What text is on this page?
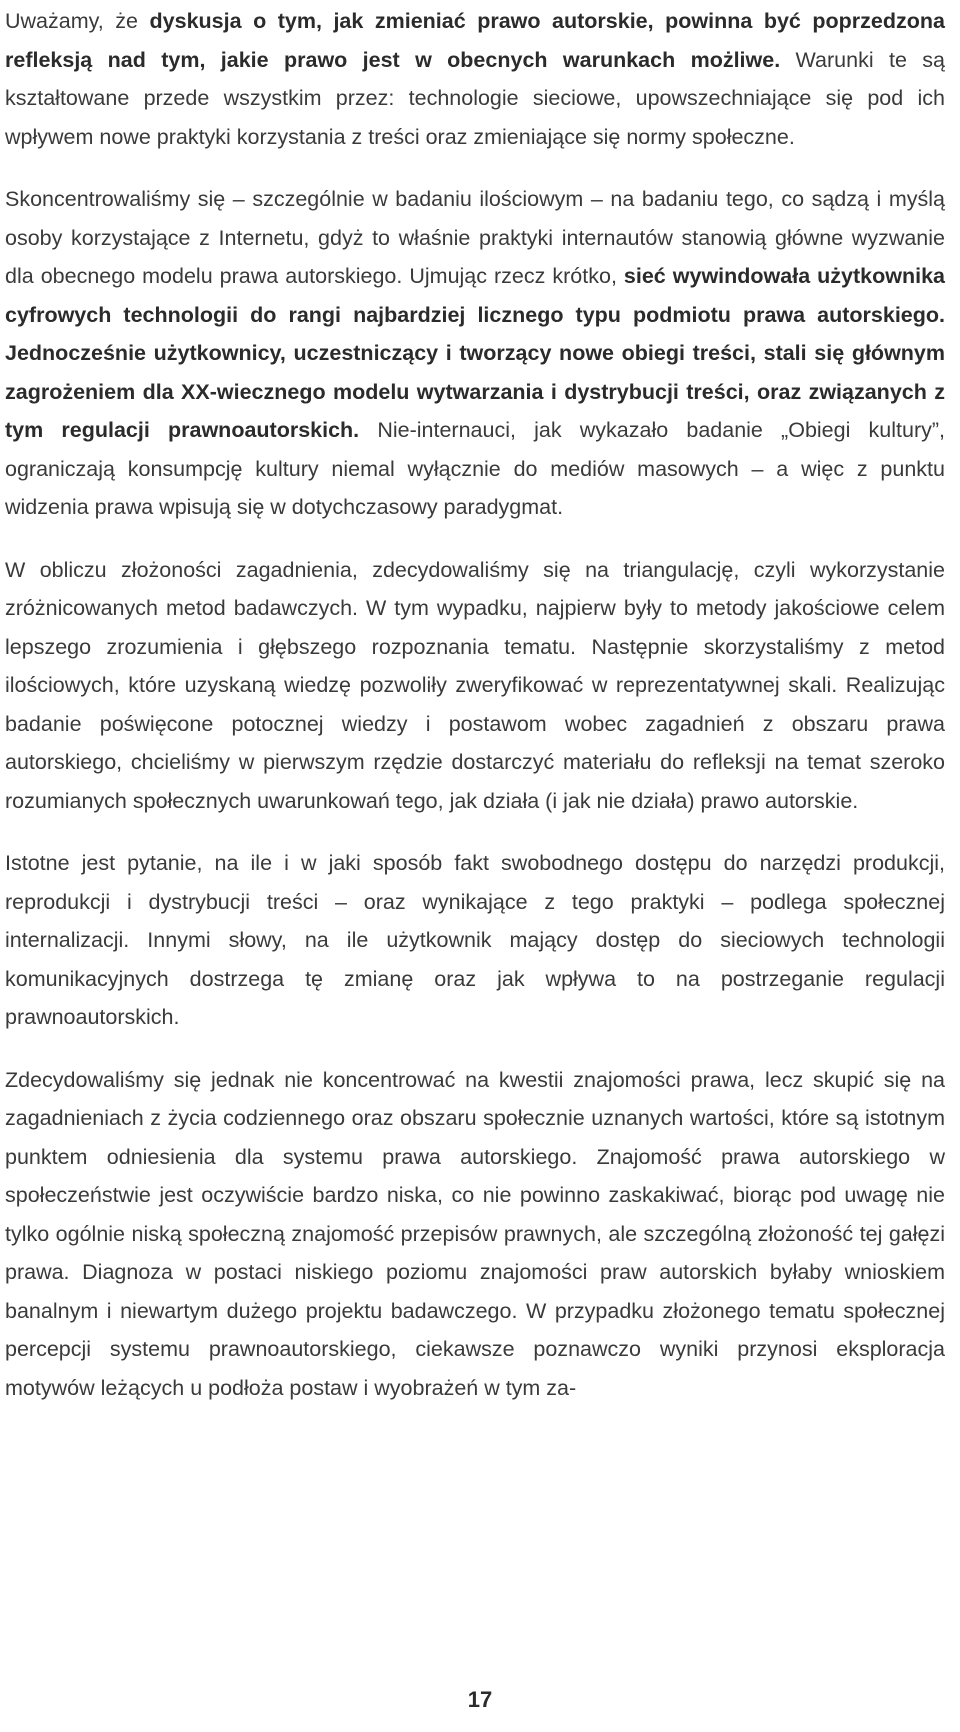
Uważamy, że dyskusja o tym, jak zmieniać prawo autorskie, powinna być poprzedzona refleksją nad tym, jakie prawo jest w obecnych warunkach możliwe. Warunki te są kształtowane przede wszystkim przez: technologie sieciowe, upowszechniające się pod ich wpływem nowe praktyki korzystania z treści oraz zmieniające się normy społeczne.

Skoncentrowaliśmy się – szczególnie w badaniu ilościowym – na badaniu tego, co sądzą i myślą osoby korzystające z Internetu, gdyż to właśnie praktyki internautów stanowią główne wyzwanie dla obecnego modelu prawa autorskiego. Ujmując rzecz krótko, sieć wywindowała użytkownika cyfrowych technologii do rangi najbardziej licznego typu podmiotu prawa autorskiego. Jednocześnie użytkownicy, uczestniczący i tworzący nowe obiegi treści, stali się głównym zagrożeniem dla XX-wiecznego modelu wytwarzania i dystrybucji treści, oraz związanych z tym regulacji prawnoautorskich. Nie-internauci, jak wykazało badanie „Obiegi kultury”, ograniczają konsumpcję kultury niemal wyłącznie do mediów masowych – a więc z punktu widzenia prawa wpisują się w dotychczasowy paradygmat.

W obliczu złożoności zagadnienia, zdecydowaliśmy się na triangulację, czyli wykorzystanie zróżnicowanych metod badawczych. W tym wypadku, najpierw były to metody jakościowe celem lepszego zrozumienia i głębszego rozpoznania tematu. Następnie skorzystaliśmy z metod ilościowych, które uzyskaną wiedzę pozwoliły zweryfikować w reprezentatywnej skali. Realizując badanie poświęcone potocznej wiedzy i postawom wobec zagadnień z obszaru prawa autorskiego, chcieliśmy w pierwszym rzędzie dostarczyć materiału do refleksji na temat szeroko rozumianych społecznych uwarunkowań tego, jak działa (i jak nie działa) prawo autorskie.

Istotne jest pytanie, na ile i w jaki sposób fakt swobodnego dostępu do narzędzi produkcji, reprodukcji i dystrybucji treści – oraz wynikające z tego praktyki – podlega społecznej internalizacji. Innymi słowy, na ile użytkownik mający dostęp do sieciowych technologii komunikacyjnych dostrzega tę zmianę oraz jak wpływa to na postrzeganie regulacji prawnoautorskich.

Zdecydowaliśmy się jednak nie koncentrować na kwestii znajomości prawa, lecz skupić się na zagadnieniach z życia codziennego oraz obszaru społecznie uznanych wartości, które są istotnym punktem odniesienia dla systemu prawa autorskiego. Znajomość prawa autorskiego w społeczeństwie jest oczywiście bardzo niska, co nie powinno zaskakiwać, biorąc pod uwagę nie tylko ogólnie niską społeczną znajomość przepisów prawnych, ale szczególną złożoność tej gałęzi prawa. Diagnoza w postaci niskiego poziomu znajomości praw autorskich byłaby wnioskiem banalnym i niewartym dużego projektu badawczego. W przypadku złożonego tematu społecznej percepcji systemu prawnoautorskiego, ciekawsze poznawczo wyniki przynosi eksploracja motywów leżących u podłoża postaw i wyobrażeń w tym za-

17
